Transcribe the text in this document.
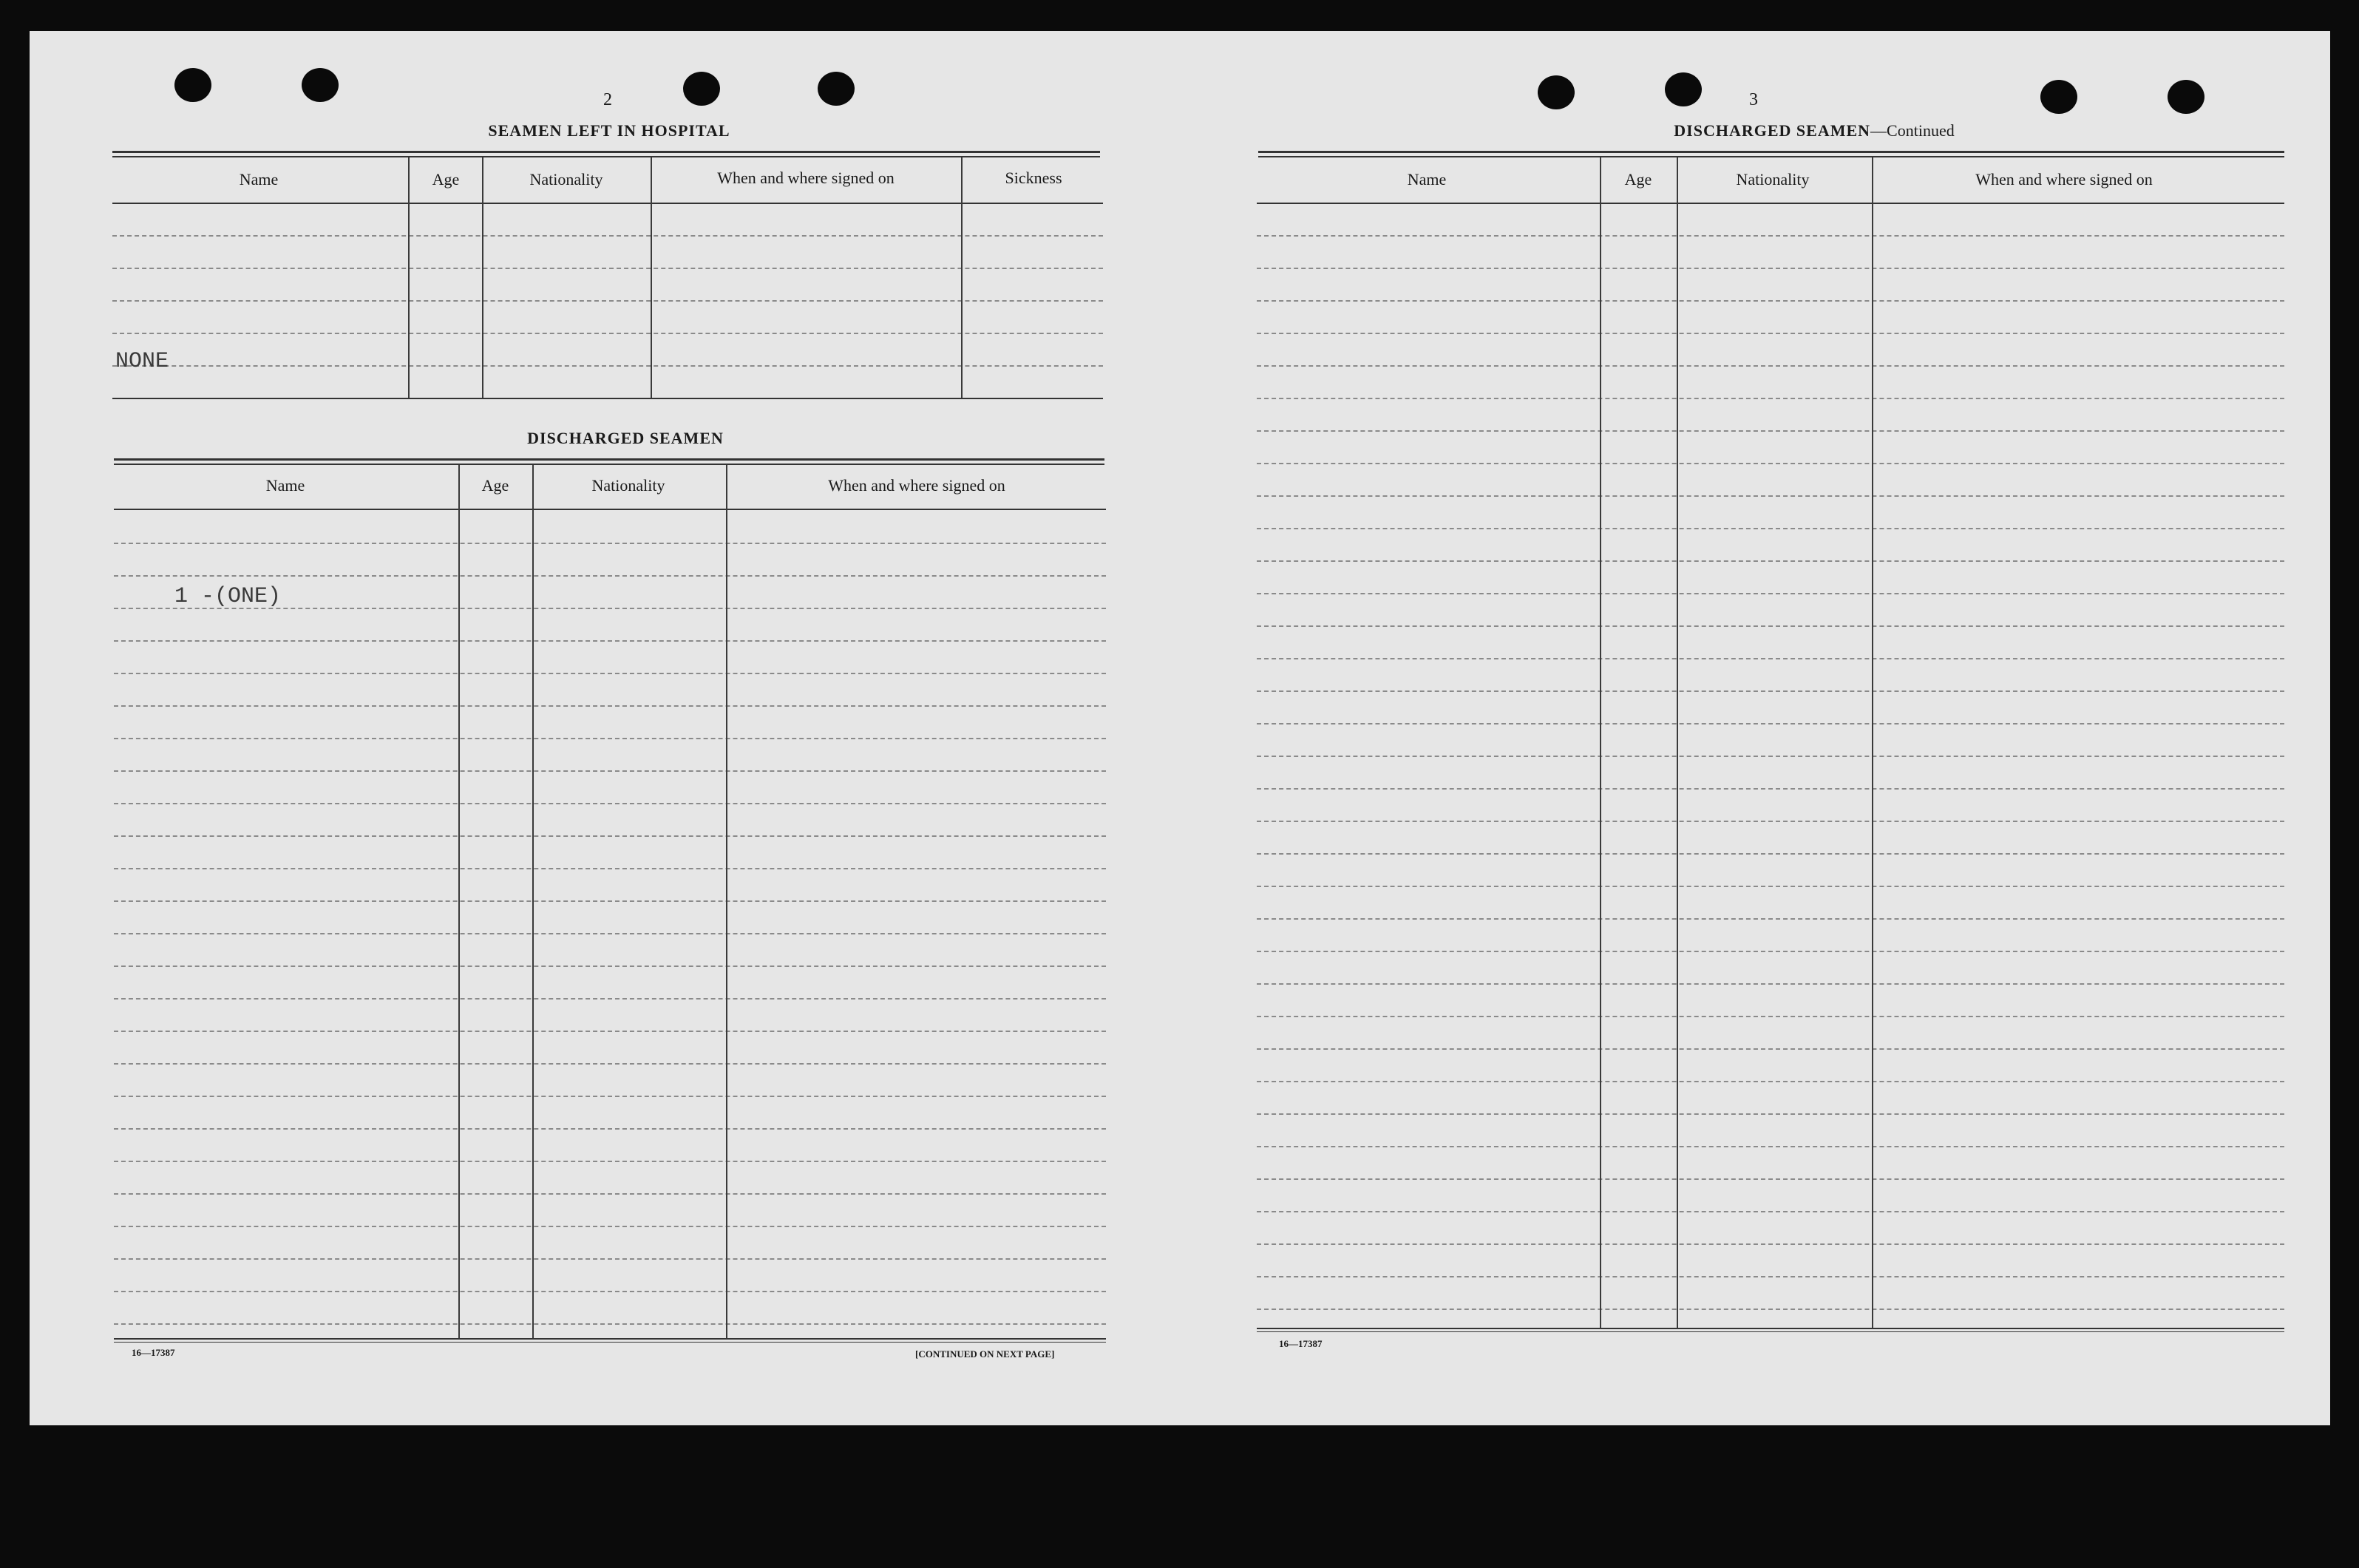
2
SEAMEN LEFT IN HOSPITAL
Name	Age	Nationality	When and where signed on	Sickness
NONE
DISCHARGED SEAMEN
Name	Age	Nationality	When and where signed on
1 -(ONE)
16—17387	[CONTINUED ON NEXT PAGE]
3
DISCHARGED SEAMEN—Continued
Name	Age	Nationality	When and where signed on
16—17387
